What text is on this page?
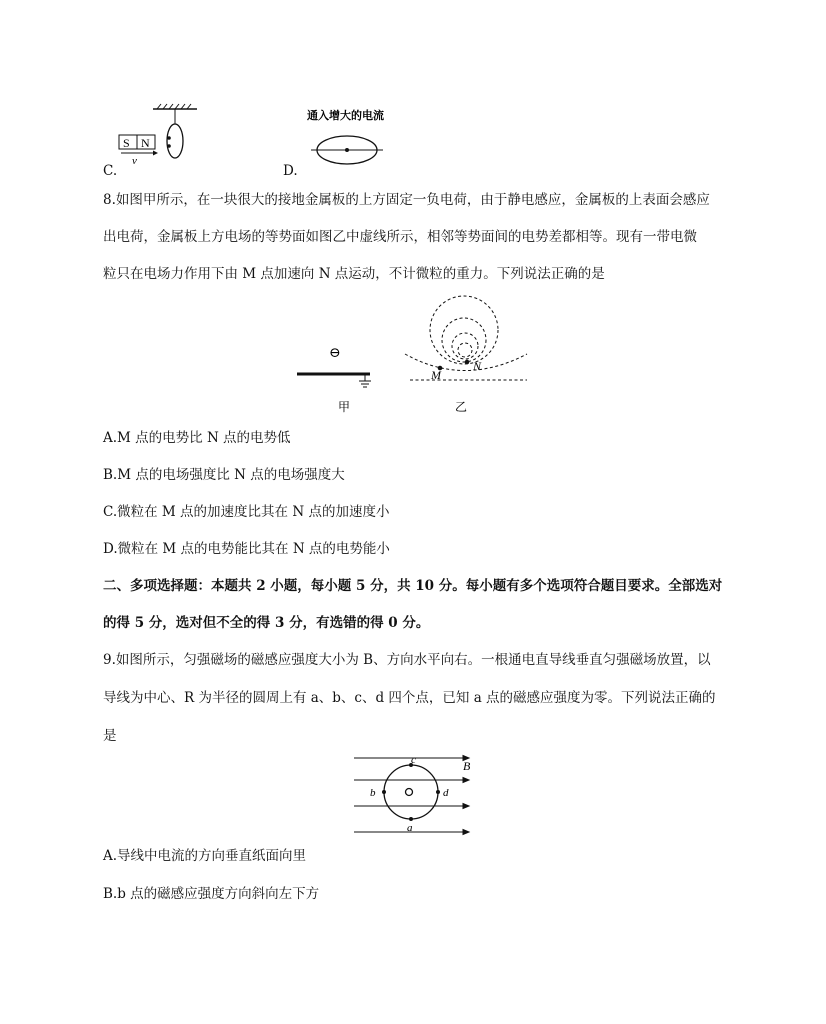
S N
v
C.
通入增大的电流
D.
8.如图甲所示，在一块很大的接地金属板的上方固定一负电荷，由于静电感应，金属板的上表面会感应
出电荷，金属板上方电场的等势面如图乙中虚线所示，相邻等势面间的电势差都相等。现有一带电微
粒只在电场力作用下由 M 点加速向 N 点运动，不计微粒的重力。下列说法正确的是
⊖
甲
M
N
乙
A.M 点的电势比 N 点的电势低
B.M 点的电场强度比 N 点的电场强度大
C.微粒在 M 点的加速度比其在 N 点的加速度小
D.微粒在 M 点的电势能比其在 N 点的电势能小
二、多项选择题：本题共 2 小题，每小题 5 分，共 10 分。每小题有多个选项符合题目要求。全部选对
的得 5 分，选对但不全的得 3 分，有选错的得 0 分。
9.如图所示，匀强磁场的磁感应强度大小为 B、方向水平向右。一根通电直导线垂直匀强磁场放置，以
导线为中心、R 为半径的圆周上有 a、b、c、d 四个点，已知 a 点的磁感应强度为零。下列说法正确的
是
c
b	d
a
B
A.导线中电流的方向垂直纸面向里
B.b 点的磁感应强度方向斜向左下方
